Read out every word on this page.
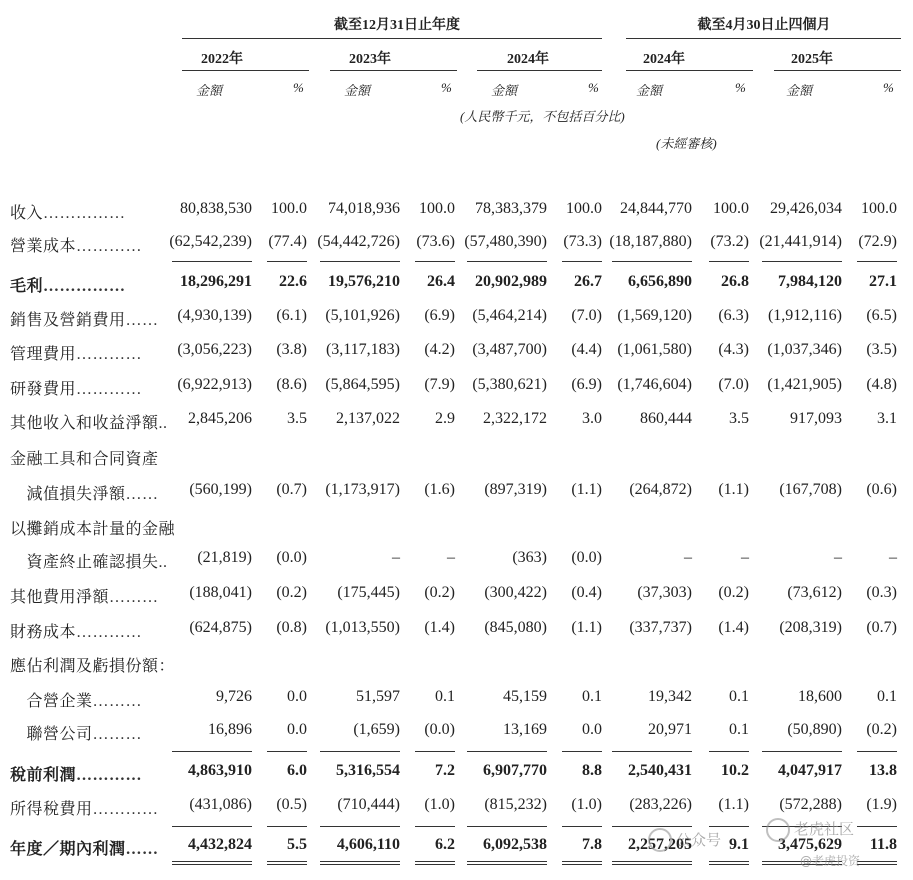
截至12月31日止年度	截至4月30日止四個月
2022年	2023年	2024年	2024年	2025年
金額	%	金額	%	金額	%	金額	%	金額	%
(人民幣千元，不包括百分比)
(未經審核)
收入……………	80,838,530	100.0	74,018,936	100.0	78,383,379	100.0	24,844,770	100.0	29,426,034	100.0
營業成本…………	(62,542,239)	(77.4) (54,442,726)	(73.6) (57,480,390)	(73.3) (18,187,880)	(73.2) (21,441,914)	(72.9)
毛利……………	18,296,291	22.6	19,576,210	26.4	20,902,989	26.7	6,656,890	26.8	7,984,120	27.1
銷售及營銷費用……	(4,930,139)	(6.1)	(5,101,926)	(6.9)	(5,464,214)	(7.0) (1,569,120)	(6.3)	(1,912,116)	(6.5)
管理費用…………	(3,056,223)	(3.8)	(3,117,183)	(4.2)	(3,487,700)	(4.4) (1,061,580)	(4.3)	(1,037,346)	(3.5)
研發費用…………	(6,922,913)	(8.6)	(5,864,595)	(7.9)	(5,380,621)	(6.9) (1,746,604)	(7.0)	(1,421,905)	(4.8)
其他收入和收益淨額..	2,845,206	3.5	2,137,022	2.9	2,322,172	3.0	860,444	3.5	917,093	3.1
金融工具和合同資產
　減值損失淨額……	(560,199)	(0.7)	(1,173,917)	(1.6)	(897,319)	(1.1)	(264,872)	(1.1)	(167,708)	(0.6)
以攤銷成本計量的金融
　資產終止確認損失..	(21,819)	(0.0)	–	–	(363)	(0.0)	–	–	–	–
其他費用淨額………	(188,041)	(0.2)	(175,445)	(0.2)	(300,422)	(0.4)	(37,303)	(0.2)	(73,612)	(0.3)
財務成本…………	(624,875)	(0.8)	(1,013,550)	(1.4)	(845,080)	(1.1)	(337,737)	(1.4)	(208,319)	(0.7)
應佔利潤及虧損份額：
　合營企業………	9,726	0.0	51,597	0.1	45,159	0.1	19,342	0.1	18,600	0.1
　聯營公司………	16,896	0.0	(1,659)	(0.0)	13,169	0.0	20,971	0.1	(50,890)	(0.2)
稅前利潤…………	4,863,910	6.0	5,316,554	7.2	6,907,770	8.8	2,540,431	10.2	4,047,917	13.8
所得稅費用…………	(431,086)	(0.5)	(710,444)	(1.0)	(815,232)	(1.0)	(283,226)	(1.1)	(572,288)	(1.9)
年度／期內利潤……	4,432,824	5.5	4,606,110	6.2	6,092,538	7.8	2,257,205	9.1	3,475,629	11.8
公众号
老虎社区
@老虎投资
